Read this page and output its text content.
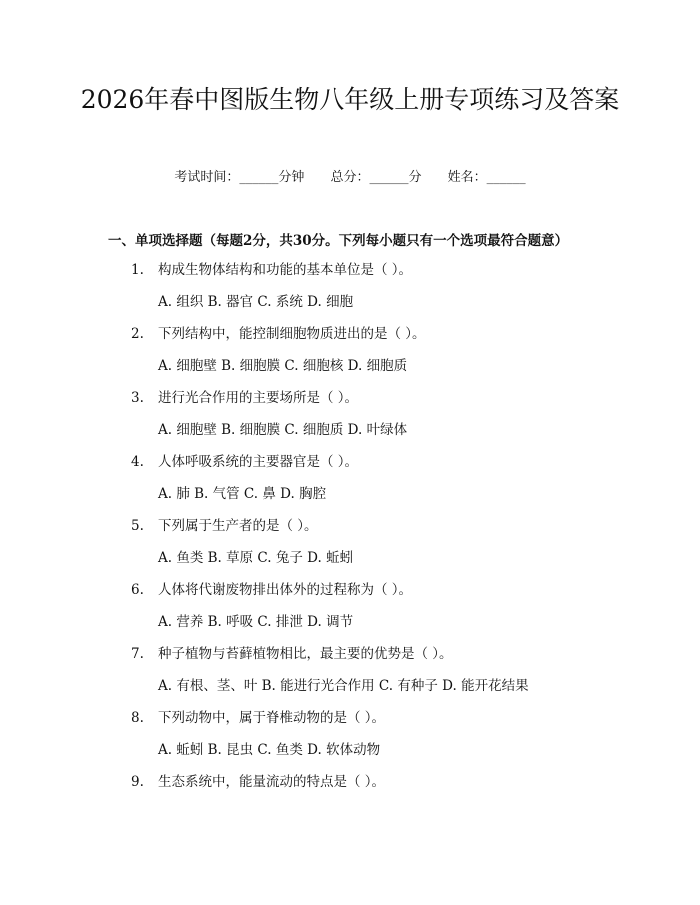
2026年春中图版生物八年级上册专项练习及答案
考试时间：______分钟 总分：______分 姓名：______
一、单项选择题（每题2分，共30分。下列每小题只有一个选项最符合题意）
1. 构成生物体结构和功能的基本单位是（ ）。
A. 组织 B. 器官 C. 系统 D. 细胞
2. 下列结构中，能控制细胞物质进出的是（ ）。
A. 细胞壁 B. 细胞膜 C. 细胞核 D. 细胞质
3. 进行光合作用的主要场所是（ ）。
A. 细胞壁 B. 细胞膜 C. 细胞质 D. 叶绿体
4. 人体呼吸系统的主要器官是（ ）。
A. 肺 B. 气管 C. 鼻 D. 胸腔
5. 下列属于生产者的是（ ）。
A. 鱼类 B. 草原 C. 兔子 D. 蚯蚓
6. 人体将代谢废物排出体外的过程称为（ ）。
A. 营养 B. 呼吸 C. 排泄 D. 调节
7. 种子植物与苔藓植物相比，最主要的优势是（ ）。
A. 有根、茎、叶 B. 能进行光合作用 C. 有种子 D. 能开花结果
8. 下列动物中，属于脊椎动物的是（ ）。
A. 蚯蚓 B. 昆虫 C. 鱼类 D. 软体动物
9. 生态系统中，能量流动的特点是（ ）。
